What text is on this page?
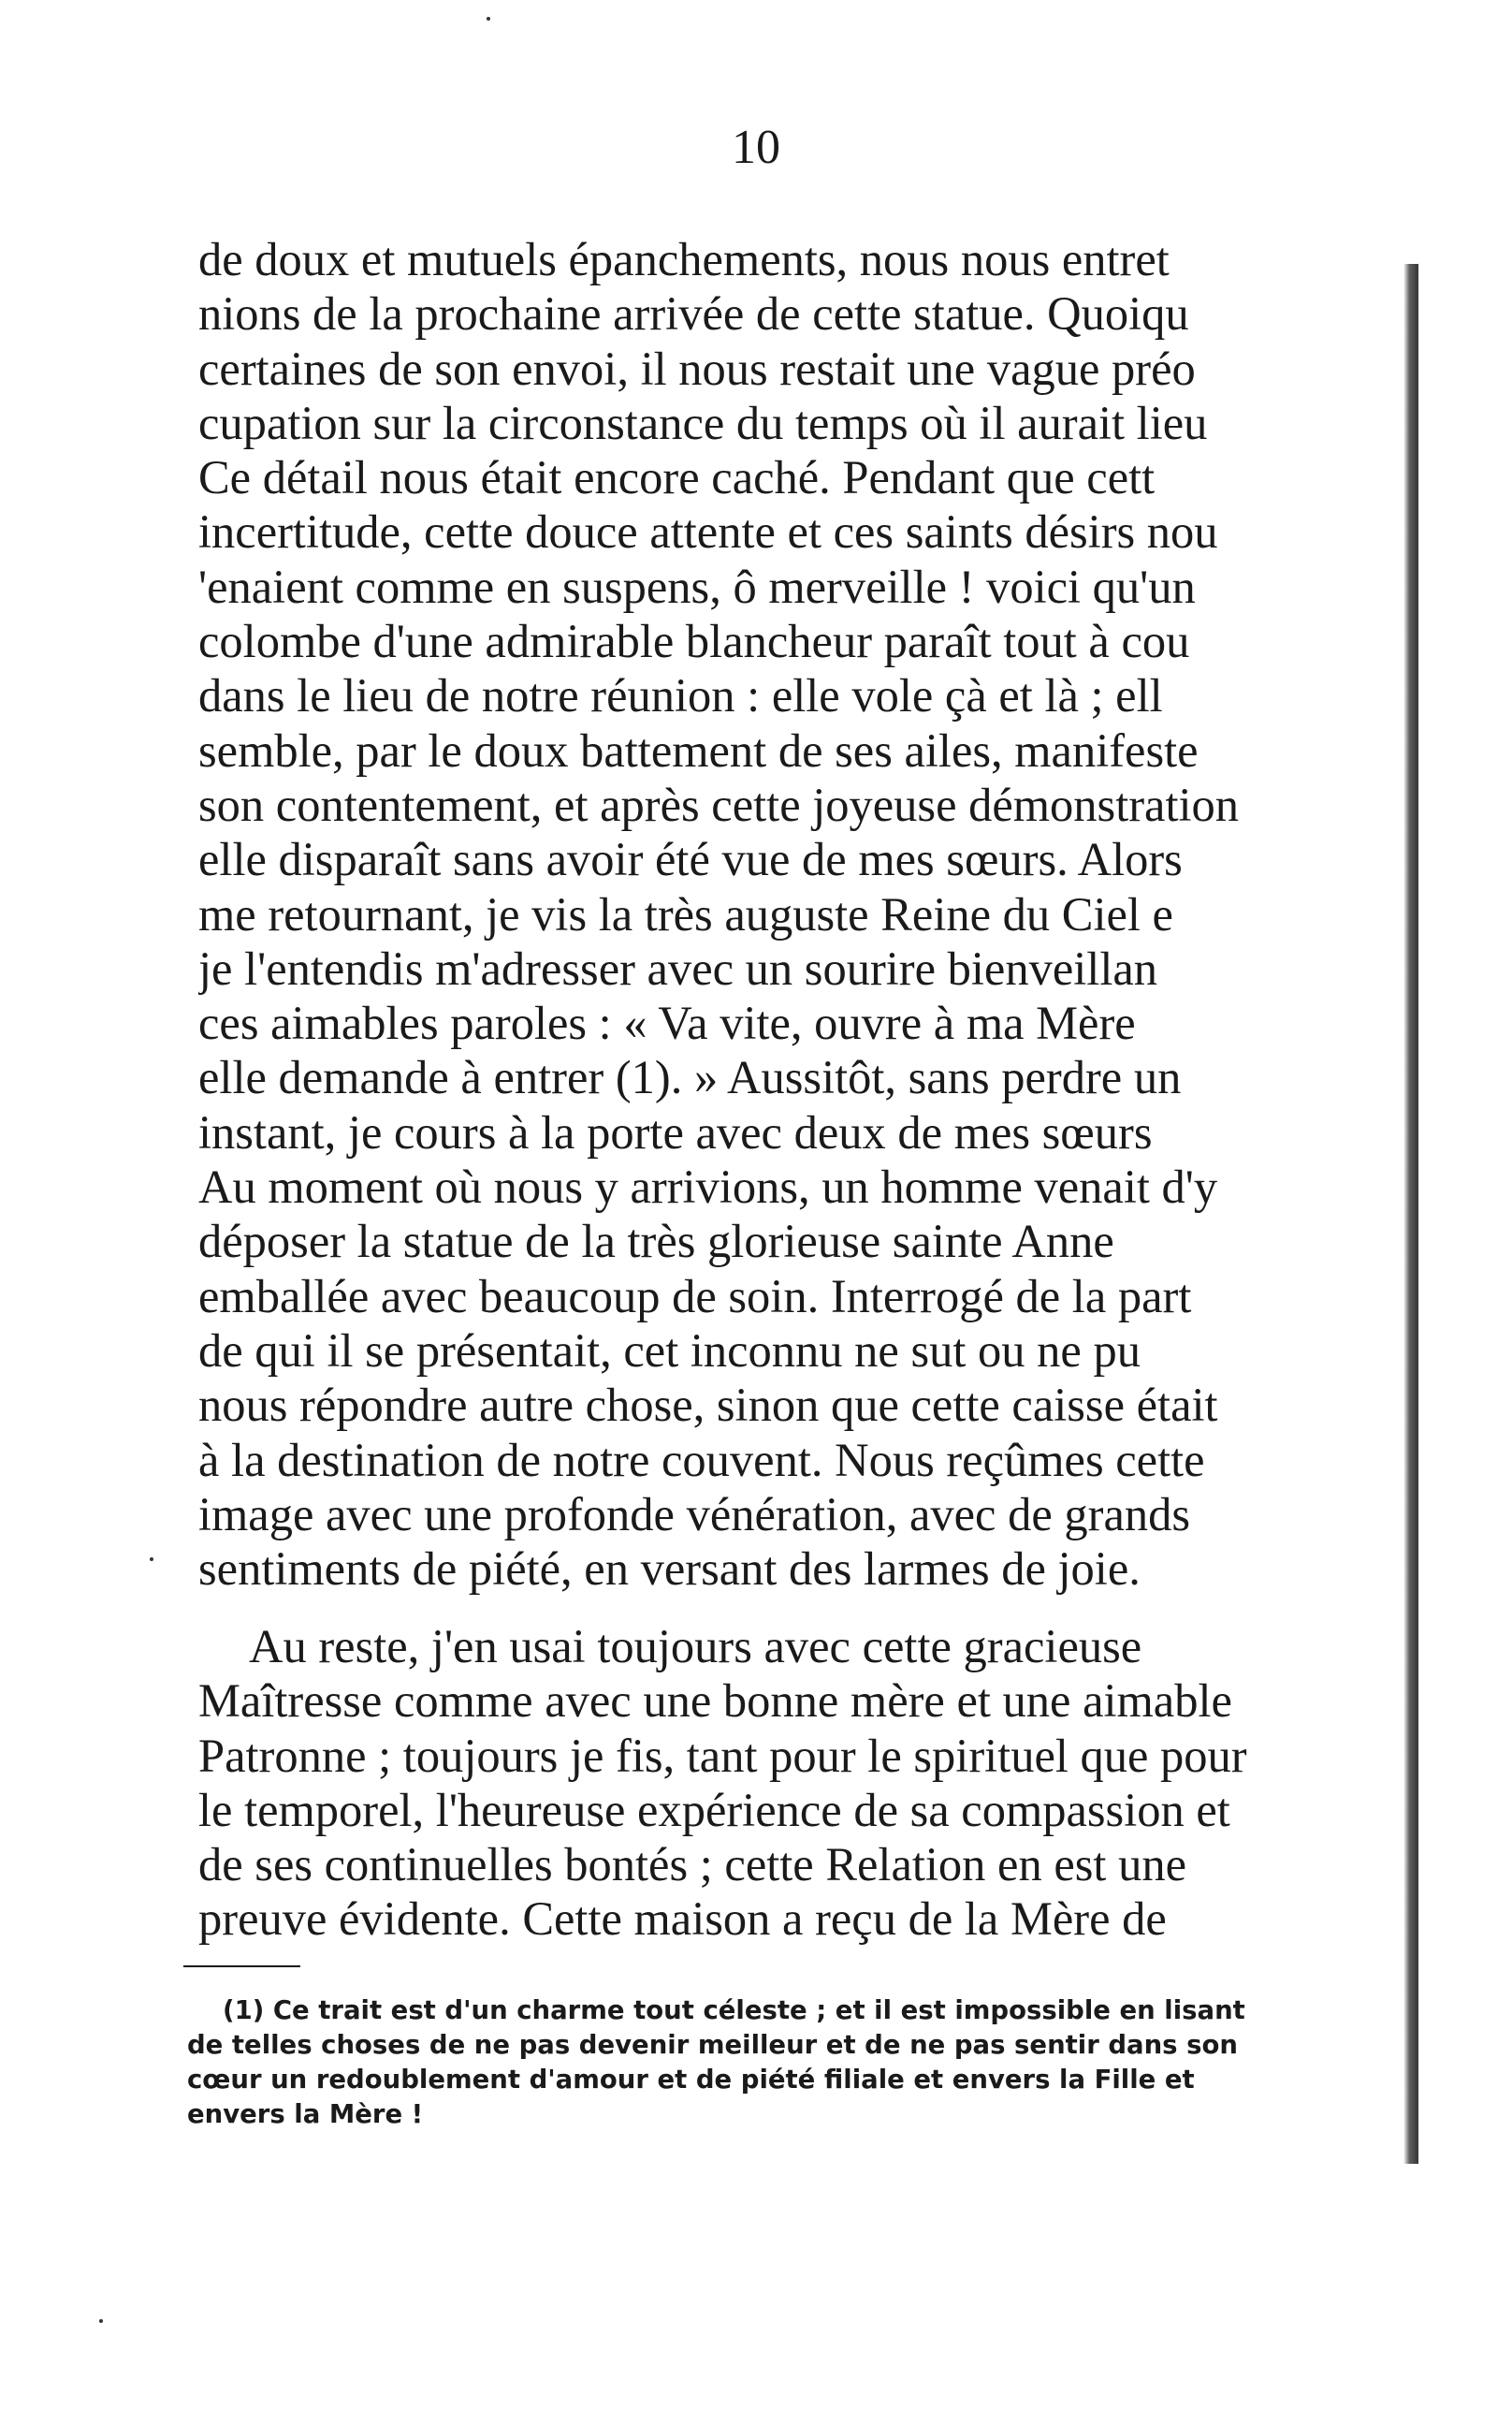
10
de doux et mutuels épanchements, nous nous entret
nions de la prochaine arrivée de cette statue. Quoiqu
certaines de son envoi, il nous restait une vague préo
cupation sur la circonstance du temps où il aurait lieu
Ce détail nous était encore caché. Pendant que cett
incertitude, cette douce attente et ces saints désirs nou
'enaient comme en suspens, ô merveille ! voici qu'un
colombe d'une admirable blancheur paraît tout à cou
dans le lieu de notre réunion : elle vole çà et là ; ell
semble, par le doux battement de ses ailes, manifeste
son contentement, et après cette joyeuse démonstration
elle disparaît sans avoir été vue de mes sœurs. Alors
me retournant, je vis la très auguste Reine du Ciel e
je l'entendis m'adresser avec un sourire bienveillan
ces aimables paroles : « Va vite, ouvre à ma Mère
elle demande à entrer (1). » Aussitôt, sans perdre un
instant, je cours à la porte avec deux de mes sœurs
Au moment où nous y arrivions, un homme venait d'y
déposer la statue de la très glorieuse sainte Anne
emballée avec beaucoup de soin. Interrogé de la part
de qui il se présentait, cet inconnu ne sut ou ne pu
nous répondre autre chose, sinon que cette caisse était
à la destination de notre couvent. Nous reçûmes cette
image avec une profonde vénération, avec de grands
sentiments de piété, en versant des larmes de joie.
Au reste, j'en usai toujours avec cette gracieuse
Maîtresse comme avec une bonne mère et une aimable
Patronne ; toujours je fis, tant pour le spirituel que pour
le temporel, l'heureuse expérience de sa compassion et
de ses continuelles bontés ; cette Relation en est une
preuve évidente. Cette maison a reçu de la Mère de
(1) Ce trait est d'un charme tout céleste ; et il est impossible en lisant
de telles choses de ne pas devenir meilleur et de ne pas sentir dans son
cœur un redoublement d'amour et de piété filiale et envers la Fille et
envers la Mère !
